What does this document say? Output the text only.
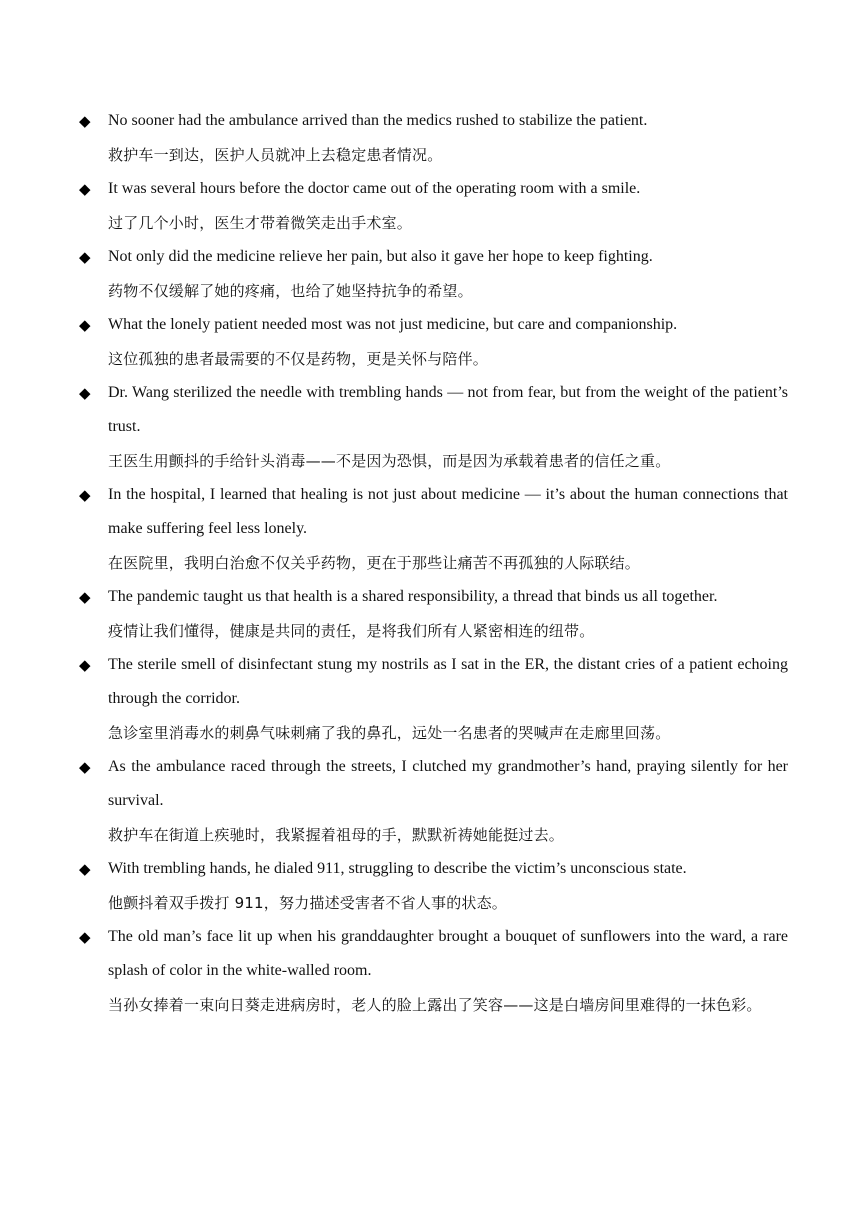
◆ No sooner had the ambulance arrived than the medics rushed to stabilize the patient.
救护车一到达，医护人员就冲上去稳定患者情况。
◆ It was several hours before the doctor came out of the operating room with a smile.
过了几个小时，医生才带着微笑走出手术室。
◆ Not only did the medicine relieve her pain, but also it gave her hope to keep fighting.
药物不仅缓解了她的疼痛，也给了她坚持抗争的希望。
◆ What the lonely patient needed most was not just medicine, but care and companionship.
这位孤独的患者最需要的不仅是药物，更是关怀与陪伴。
◆ Dr. Wang sterilized the needle with trembling hands — not from fear, but from the weight of the patient’s trust.
王医生用颤抖的手给针头消毒——不是因为恐惧，而是因为承载着患者的信任之重。
◆ In the hospital, I learned that healing is not just about medicine — it’s about the human connections that make suffering feel less lonely.
在医院里，我明白治愈不仅关乎药物，更在于那些让痛苦不再孤独的人际联结。
◆ The pandemic taught us that health is a shared responsibility, a thread that binds us all together.
疫情让我们懂得，健康是共同的责任，是将我们所有人紧密相连的纽带。
◆ The sterile smell of disinfectant stung my nostrils as I sat in the ER, the distant cries of a patient echoing through the corridor.
急诊室里消毒水的刺鼻气味刺痛了我的鼻孔，远处一名患者的哭喊声在走廊里回荡。
◆ As the ambulance raced through the streets, I clutched my grandmother’s hand, praying silently for her survival.
救护车在街道上疾驰时，我紧握着祖母的手，默默祈祷她能挺过去。
◆ With trembling hands, he dialed 911, struggling to describe the victim’s unconscious state.
他颤抖着双手拨打 911，努力描述受害者不省人事的状态。
◆ The old man’s face lit up when his granddaughter brought a bouquet of sunflowers into the ward, a rare splash of color in the white-walled room.
当孙女捧着一束向日葵走进病房时，老人的脸上露出了笑容——这是白墙房间里难得的一抹色彩。
